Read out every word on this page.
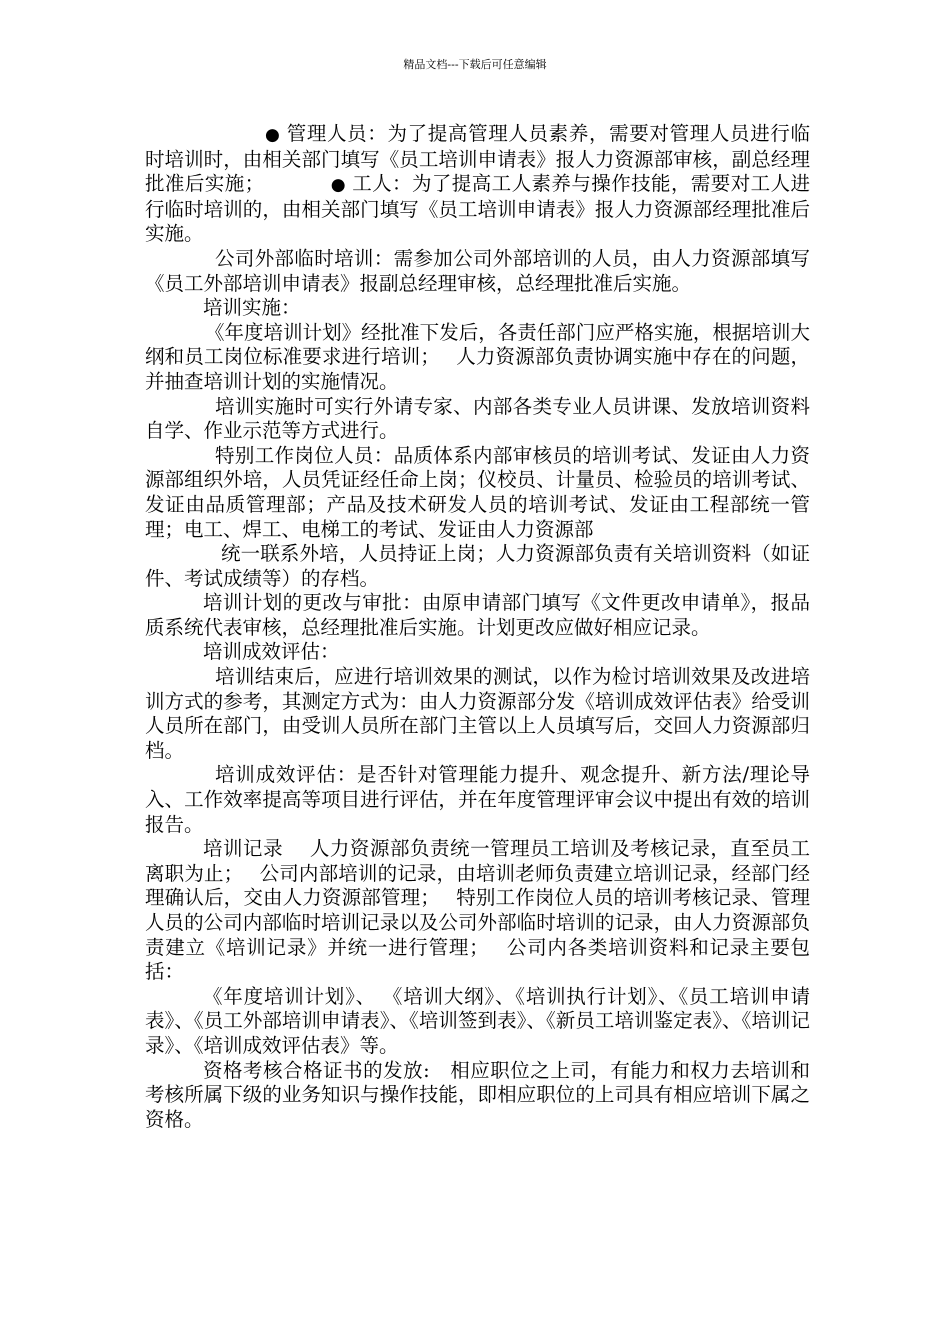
精品文档---下载后可任意编辑

● 管理人员：为了提高管理人员素养，需要对管理人员进行临时培训时，由相关部门填写《员工培训申请表》报人力资源部审核，副总经理批准后实施；	● 工人：为了提高工人素养与操作技能，需要对工人进行临时培训的，由相关部门填写《员工培训申请表》报人力资源部经理批准后实施。

公司外部临时培训：需参加公司外部培训的人员，由人力资源部填写《员工外部培训申请表》报副总经理审核，总经理批准后实施。

培训实施：

《年度培训计划》经批准下发后，各责任部门应严格实施，根据培训大纲和员工岗位标准要求进行培训；　 人力资源部负责协调实施中存在的问题，并抽查培训计划的实施情况。

培训实施时可实行外请专家、内部各类专业人员讲课、发放培训资料自学、作业示范等方式进行。

特别工作岗位人员：品质体系内部审核员的培训考试、发证由人力资源部组织外培，人员凭证经任命上岗；仪校员、计量员、检验员的培训考试、发证由品质管理部；产品及技术研发人员的培训考试、发证由工程部统一管理；电工、焊工、电梯工的考试、发证由人力资源部

统一联系外培，人员持证上岗；人力资源部负责有关培训资料（如证件、考试成绩等）的存档。

培训计划的更改与审批：由原申请部门填写《文件更改申请单》，报品质系统代表审核，总经理批准后实施。计划更改应做好相应记录。

培训成效评估：

培训结束后，应进行培训效果的测试，以作为检讨培训效果及改进培训方式的参考，其测定方式为：由人力资源部分发《培训成效评估表》给受训人员所在部门，由受训人员所在部门主管以上人员填写后，交回人力资源部归档。

培训成效评估：是否针对管理能力提升、观念提升、新方法/理论导入、工作效率提高等项目进行评估，并在年度管理评审会议中提出有效的培训报告。

培训记录　 人力资源部负责统一管理员工培训及考核记录，直至员工离职为止；　 公司内部培训的记录，由培训老师负责建立培训记录，经部门经理确认后，交由人力资源部管理；　 特别工作岗位人员的培训考核记录、管理人员的公司内部临时培训记录以及公司外部临时培训的记录，由人力资源部负责建立《培训记录》并统一进行管理；　 公司内各类培训资料和记录主要包括：

《年度培训计划》、 《培训大纲》、《培训执行计划》、《员工培训申请表》、《员工外部培训申请表》、《培训签到表》、《新员工培训鉴定表》、《培训记录》、《培训成效评估表》等。

资格考核合格证书的发放:　相应职位之上司，有能力和权力去培训和考核所属下级的业务知识与操作技能，即相应职位的上司具有相应培训下属之资格。
